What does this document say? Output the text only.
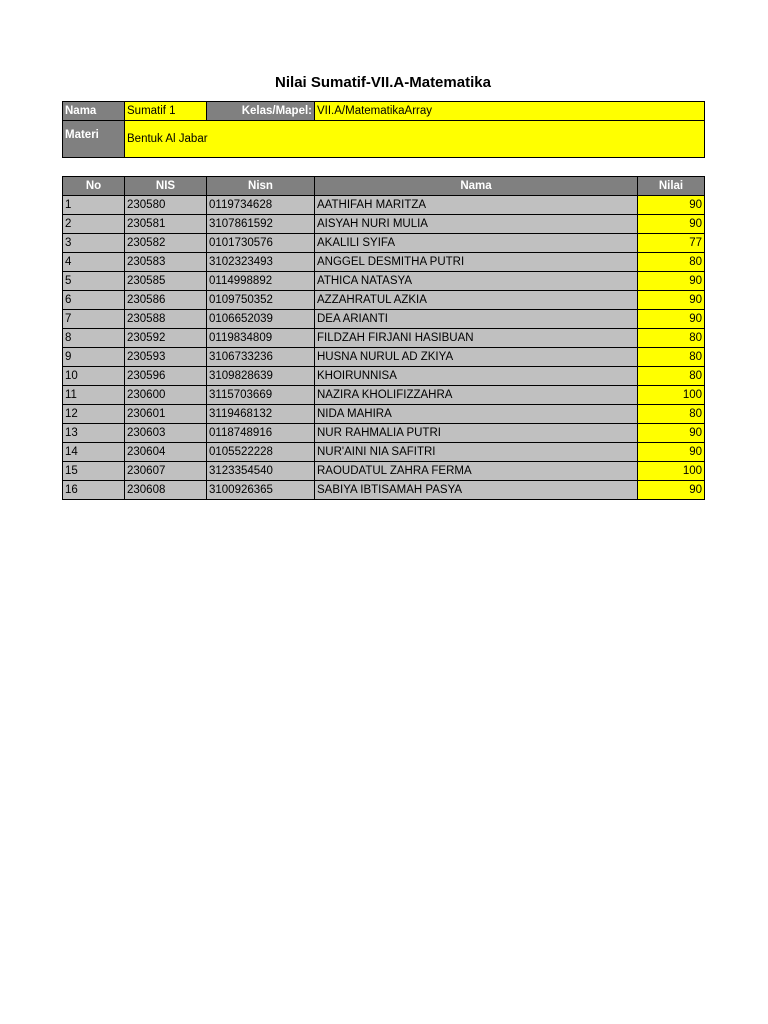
Nilai Sumatif-VII.A-Matematika
Nama	Sumatif 1	Kelas/Mapel:	VII.A/MatematikaArray
Materi	Bentuk Al Jabar		
No	NIS	Nisn	Nama	Nilai
1	230580	0119734628	AATHIFAH MARITZA	90
2	230581	3107861592	AISYAH NURI MULIA	90
3	230582	0101730576	AKALILI SYIFA	77
4	230583	3102323493	ANGGEL DESMITHA PUTRI	80
5	230585	0114998892	ATHICA NATASYA	90
6	230586	0109750352	AZZAHRATUL AZKIA	90
7	230588	0106652039	DEA ARIANTI	90
8	230592	0119834809	FILDZAH FIRJANI HASIBUAN	80
9	230593	3106733236	HUSNA NURUL AD ZKIYA	80
10	230596	3109828639	KHOIRUNNISA	80
11	230600	3115703669	NAZIRA KHOLIFIZZAHRA	100
12	230601	3119468132	NIDA MAHIRA	80
13	230603	0118748916	NUR RAHMALIA PUTRI	90
14	230604	0105522228	NUR'AINI NIA SAFITRI	90
15	230607	3123354540	RAOUDATUL ZAHRA FERMA	100
16	230608	3100926365	SABIYA IBTISAMAH PASYA	90
